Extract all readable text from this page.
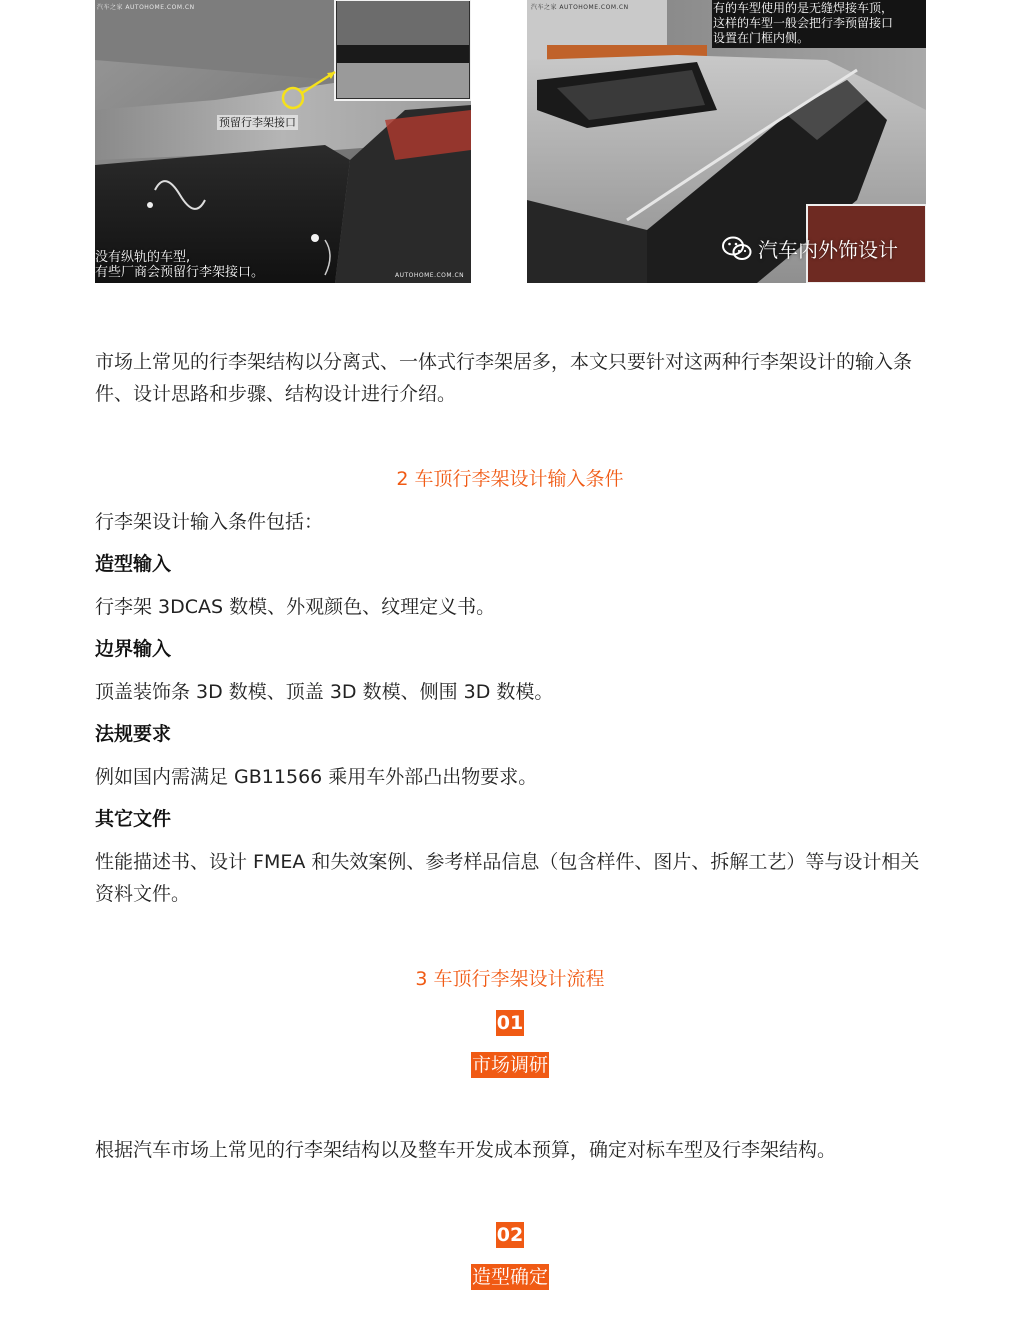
汽车之家 AUTOHOME.COM.CN
预留行李架接口
没有纵轨的车型,
有些厂商会预留行李架接口。	AUTOHOME.COM.CN
汽车之家 AUTOHOME.COM.CN	有的车型使用的是无缝焊接车顶，
这样的车型一般会把行李预留接口
设置在门框内侧。
汽车内外饰设计

市场上常见的行李架结构以分离式、一体式行李架居多，本文只要针对这两种行李架设计的输入条件、设计思路和步骤、结构设计进行介绍。

2 车顶行李架设计输入条件

行李架设计输入条件包括：

造型输入

行李架 3DCAS 数模、外观颜色、纹理定义书。

边界输入

顶盖装饰条 3D 数模、顶盖 3D 数模、侧围 3D 数模。

法规要求

例如国内需满足 GB11566 乘用车外部凸出物要求。

其它文件

性能描述书、设计 FMEA 和失效案例、参考样品信息（包含样件、图片、拆解工艺）等与设计相关资料文件。

3 车顶行李架设计流程

01
市场调研

根据汽车市场上常见的行李架结构以及整车开发成本预算，确定对标车型及行李架结构。

02
造型确定
